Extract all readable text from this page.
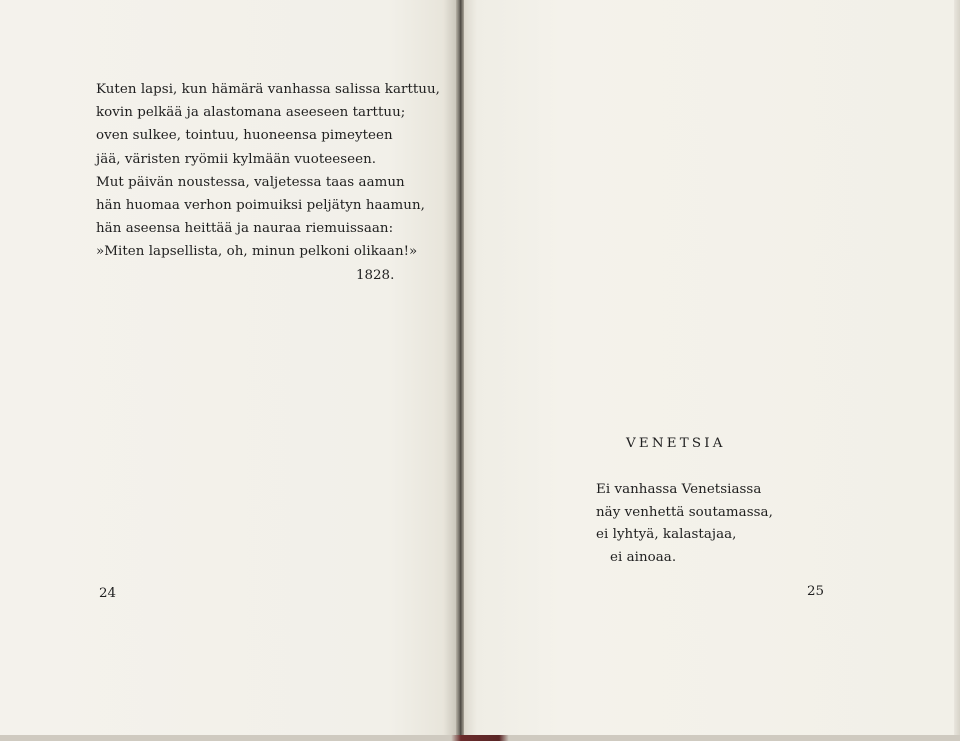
Kuten lapsi, kun hämärä vanhassa salissa karttuu,
kovin pelkää ja alastomana aseeseen tarttuu;
oven sulkee, tointuu, huoneensa pimeyteen
jää, väristen ryömii kylmään vuoteeseen.
Mut päivän noustessa, valjetessa taas aamun
hän huomaa verhon poimuiksi peljätyn haamun,
hän aseensa heittää ja nauraa riemuissaan:
»Miten lapsellista, oh, minun pelkoni olikaan!»
1828.
24
VENETSIA
Ei vanhassa Venetsiassa
näy venhettä soutamassa,
ei lyhtyä, kalastajaa,
ei ainoaa.
25
